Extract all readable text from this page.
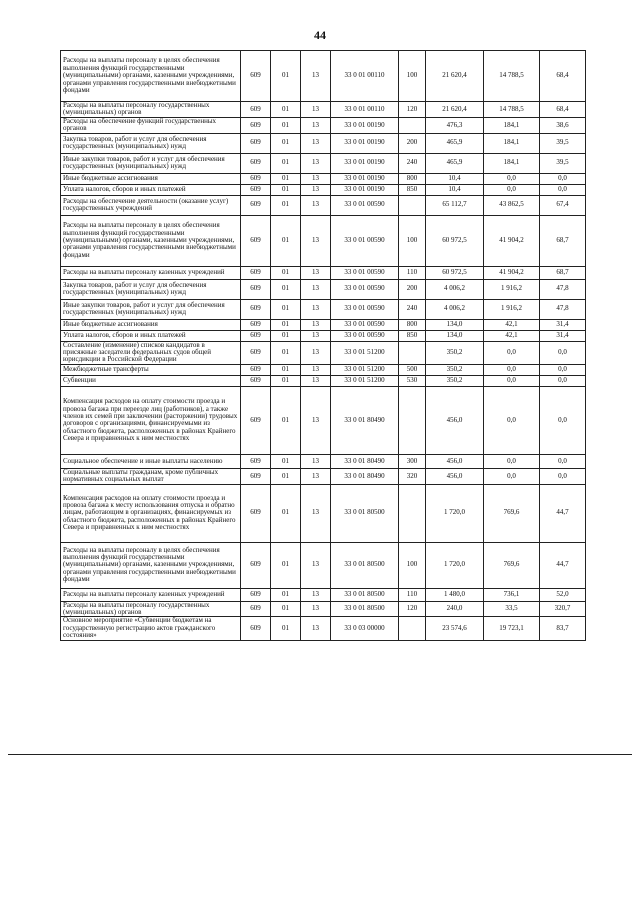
44
Расходы на выплаты персоналу в целях обеспечения выполнения функций государственными (муниципальными) органами, казенными учреждениями, органами управления государственными внебюджетными фондами	609	01	13	33 0 01 00110	100	21 620,4	14 788,5	68,4
Расходы на выплаты персоналу государственных (муниципальных) органов	609	01	13	33 0 01 00110	120	21 620,4	14 788,5	68,4
Расходы на обеспечение функций государственных органов	609	01	13	33 0 01 00190		476,3	184,1	38,6
Закупка товаров, работ и услуг для обеспечения государственных (муниципальных) нужд	609	01	13	33 0 01 00190	200	465,9	184,1	39,5
Иные закупки товаров, работ и услуг для обеспечения государственных (муниципальных) нужд	609	01	13	33 0 01 00190	240	465,9	184,1	39,5
Иные бюджетные ассигнования	609	01	13	33 0 01 00190	800	10,4	0,0	0,0
Уплата налогов, сборов и иных платежей	609	01	13	33 0 01 00190	850	10,4	0,0	0,0
Расходы на обеспечение деятельности (оказание услуг) государственных учреждений	609	01	13	33 0 01 00590		65 112,7	43 862,5	67,4
Расходы на выплаты персоналу в целях обеспечения выполнения функций государственными (муниципальными) органами, казенными учреждениями, органами управления государственными внебюджетными фондами	609	01	13	33 0 01 00590	100	60 972,5	41 904,2	68,7
Расходы на выплаты персоналу казенных учреждений	609	01	13	33 0 01 00590	110	60 972,5	41 904,2	68,7
Закупка товаров, работ и услуг для обеспечения государственных (муниципальных) нужд	609	01	13	33 0 01 00590	200	4 006,2	1 916,2	47,8
Иные закупки товаров, работ и услуг для обеспечения государственных (муниципальных) нужд	609	01	13	33 0 01 00590	240	4 006,2	1 916,2	47,8
Иные бюджетные ассигнования	609	01	13	33 0 01 00590	800	134,0	42,1	31,4
Уплата налогов, сборов и иных платежей	609	01	13	33 0 01 00590	850	134,0	42,1	31,4
Составление (изменение) списков кандидатов в присяжные заседатели федеральных судов общей юрисдикции в Российской Федерации	609	01	13	33 0 01 51200		350,2	0,0	0,0
Межбюджетные трансферты	609	01	13	33 0 01 51200	500	350,2	0,0	0,0
Субвенции	609	01	13	33 0 01 51200	530	350,2	0,0	0,0
Компенсация расходов на оплату стоимости проезда и провоза багажа при переезде лиц (работников), а также членов их семей при заключении (расторжении) трудовых договоров с организациями, финансируемыми из областного бюджета, расположенных в районах Крайнего Севера и приравненных к ним местностях	609	01	13	33 0 01 80490		456,0	0,0	0,0
Социальное обеспечение и иные выплаты населению	609	01	13	33 0 01 80490	300	456,0	0,0	0,0
Социальные выплаты гражданам, кроме публичных нормативных социальных выплат	609	01	13	33 0 01 80490	320	456,0	0,0	0,0
Компенсация расходов на оплату стоимости проезда и провоза багажа к месту использования отпуска и обратно лицам, работающим в организациях, финансируемых из областного бюджета, расположенных в районах Крайнего Севера и приравненных к ним местностях	609	01	13	33 0 01 80500		1 720,0	769,6	44,7
Расходы на выплаты персоналу в целях обеспечения выполнения функций государственными (муниципальными) органами, казенными учреждениями, органами управления государственными внебюджетными фондами	609	01	13	33 0 01 80500	100	1 720,0	769,6	44,7
Расходы на выплаты персоналу казенных учреждений	609	01	13	33 0 01 80500	110	1 480,0	736,1	52,0
Расходы на выплаты персоналу государственных (муниципальных) органов	609	01	13	33 0 01 80500	120	240,0	33,5	320,7
Основное мероприятие «Субвенции бюджетам на государственную регистрацию актов гражданского состояния»	609	01	13	33 0 03 00000		23 574,6	19 723,1	83,7
